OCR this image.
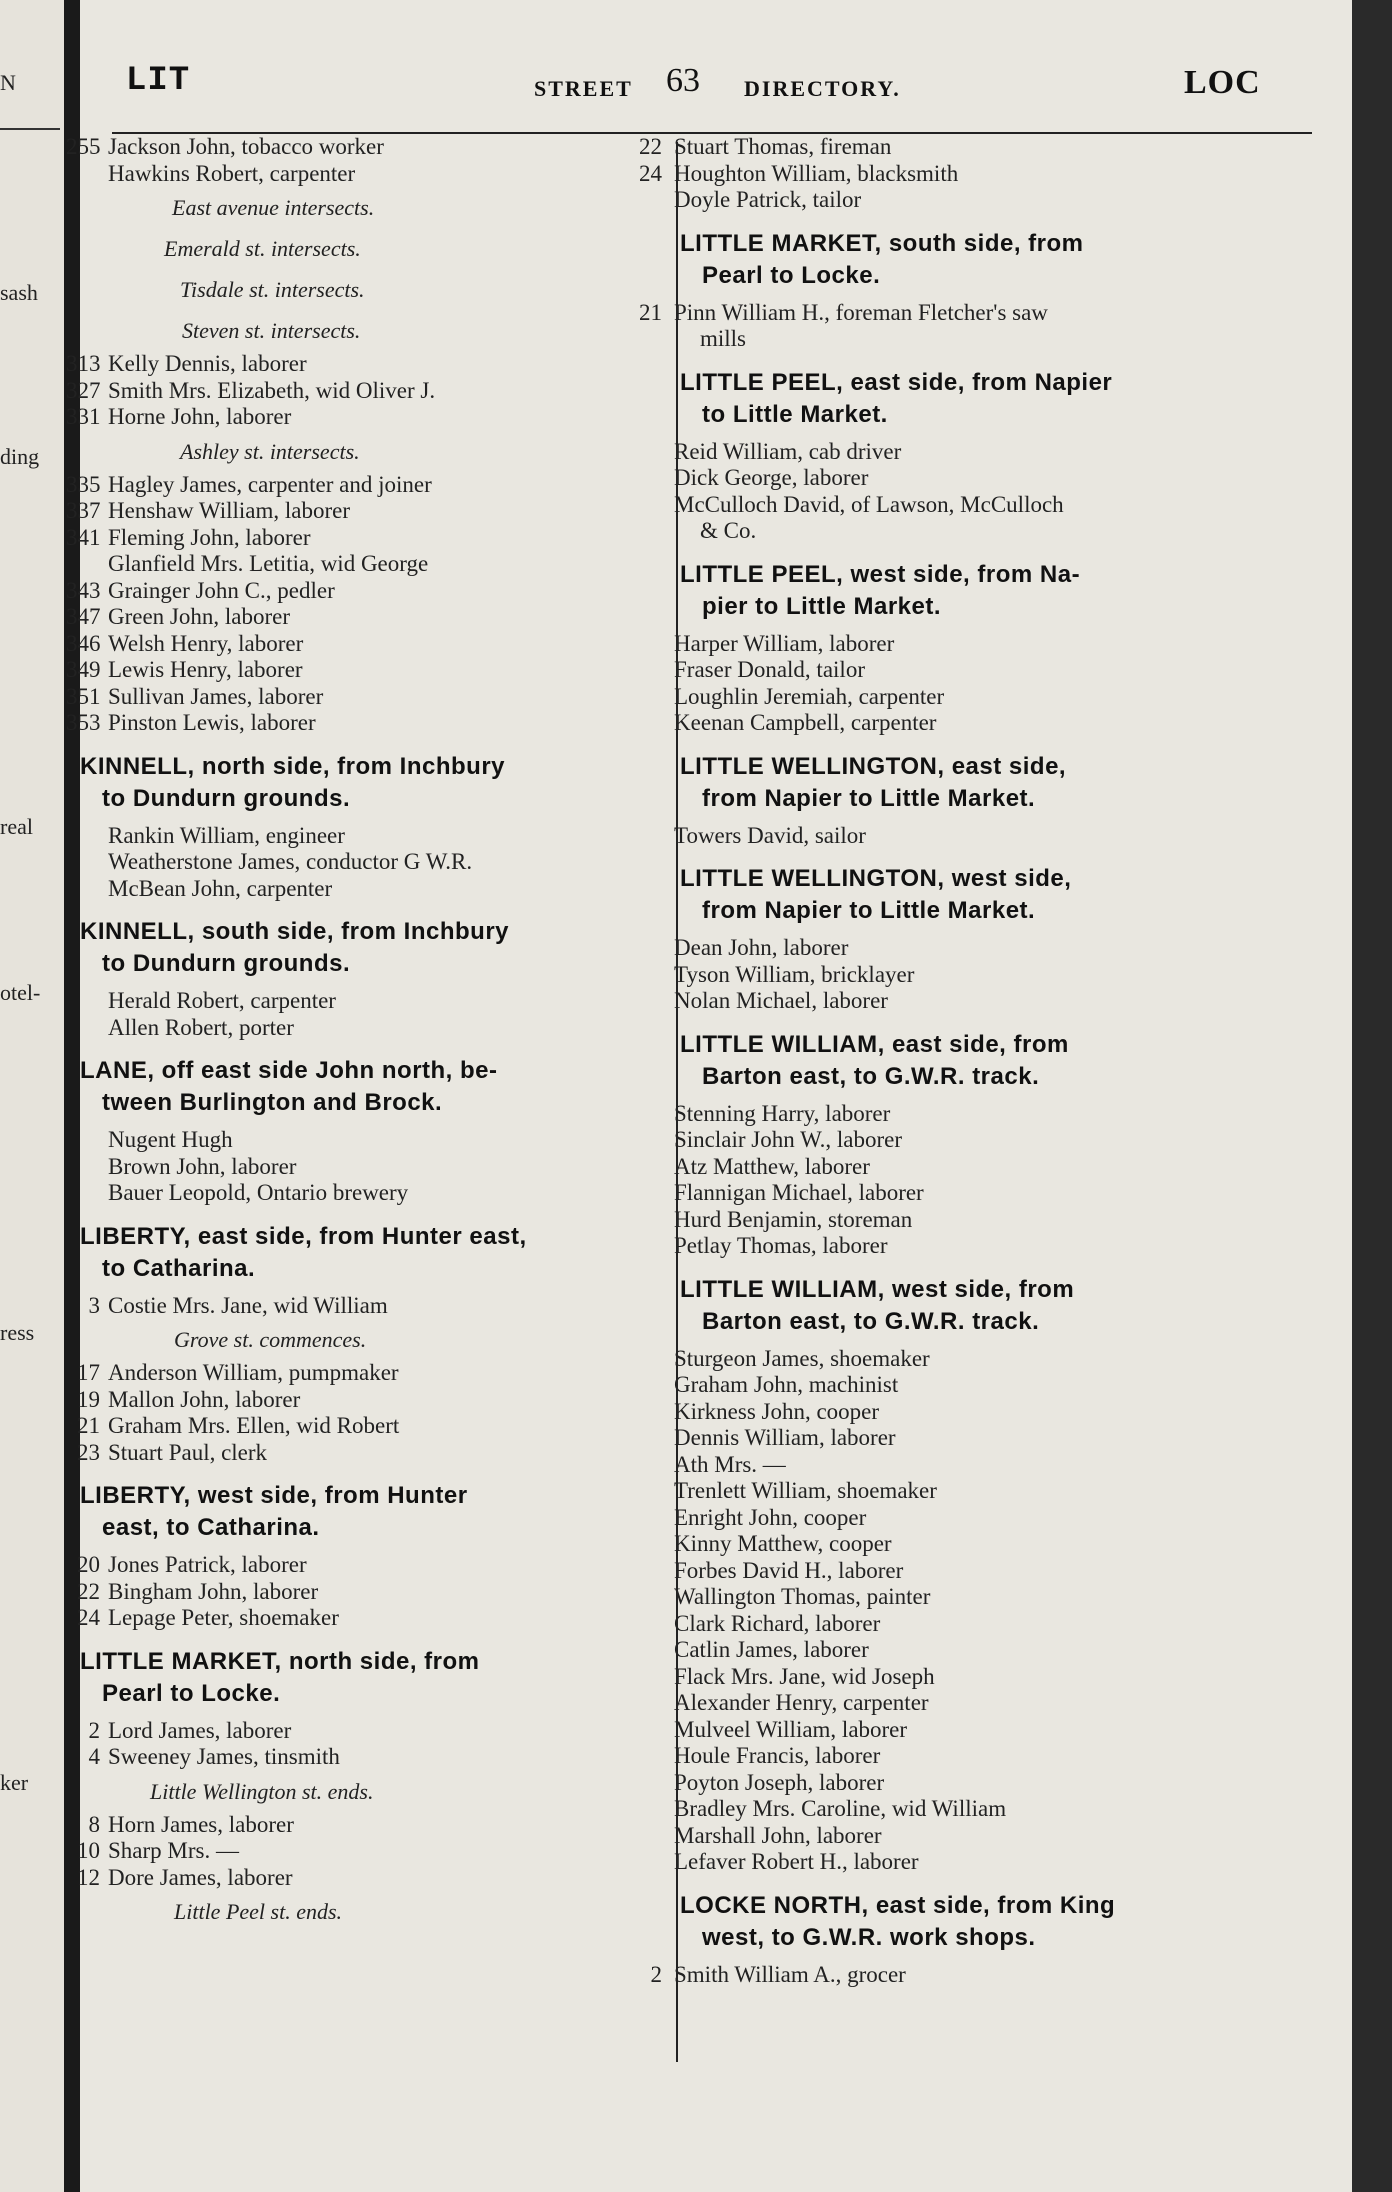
N
sash
ding
real
otel-
ress
ker
LIT	STREET 63 DIRECTORY.	LOC
255 Jackson John, tobacco worker
Hawkins Robert, carpenter
East avenue intersects.
Emerald st. intersects.
Tisdale st. intersects.
Steven st. intersects.
313 Kelly Dennis, laborer
327 Smith Mrs. Elizabeth, wid Oliver J.
331 Horne John, laborer
Ashley st. intersects.
335 Hagley James, carpenter and joiner
337 Henshaw William, laborer
341 Fleming John, laborer
Glanfield Mrs. Letitia, wid George
343 Grainger John C., pedler
347 Green John, laborer
346 Welsh Henry, laborer
349 Lewis Henry, laborer
351 Sullivan James, laborer
353 Pinston Lewis, laborer
KINNELL, north side, from Inchbury
to Dundurn grounds.
Rankin William, engineer
Weatherstone James, conductor G W.R.
McBean John, carpenter
KINNELL, south side, from Inchbury
to Dundurn grounds.
Herald Robert, carpenter
Allen Robert, porter
LANE, off east side John north, be-
tween Burlington and Brock.
Nugent Hugh
Brown John, laborer
Bauer Leopold, Ontario brewery
LIBERTY, east side, from Hunter east,
to Catharina.
3 Costie Mrs. Jane, wid William
Grove st. commences.
17 Anderson William, pumpmaker
19 Mallon John, laborer
21 Graham Mrs. Ellen, wid Robert
23 Stuart Paul, clerk
LIBERTY, west side, from Hunter
east, to Catharina.
20 Jones Patrick, laborer
22 Bingham John, laborer
24 Lepage Peter, shoemaker
LITTLE MARKET, north side, from
Pearl to Locke.
2 Lord James, laborer
4 Sweeney James, tinsmith
Little Wellington st. ends.
8 Horn James, laborer
10 Sharp Mrs. —
12 Dore James, laborer
Little Peel st. ends.
22 Stuart Thomas, fireman
24 Houghton William, blacksmith
Doyle Patrick, tailor
LITTLE MARKET, south side, from
Pearl to Locke.
21 Pinn William H., foreman Fletcher's saw
mills
LITTLE PEEL, east side, from Napier
to Little Market.
Reid William, cab driver
Dick George, laborer
McCulloch David, of Lawson, McCulloch
& Co.
LITTLE PEEL, west side, from Na-
pier to Little Market.
Harper William, laborer
Fraser Donald, tailor
Loughlin Jeremiah, carpenter
Keenan Campbell, carpenter
LITTLE WELLINGTON, east side,
from Napier to Little Market.
Towers David, sailor
LITTLE WELLINGTON, west side,
from Napier to Little Market.
Dean John, laborer
Tyson William, bricklayer
Nolan Michael, laborer
LITTLE WILLIAM, east side, from
Barton east, to G.W.R. track.
Stenning Harry, laborer
Sinclair John W., laborer
Atz Matthew, laborer
Flannigan Michael, laborer
Hurd Benjamin, storeman
Petlay Thomas, laborer
LITTLE WILLIAM, west side, from
Barton east, to G.W.R. track.
Sturgeon James, shoemaker
Graham John, machinist
Kirkness John, cooper
Dennis William, laborer
Ath Mrs. —
Trenlett William, shoemaker
Enright John, cooper
Kinny Matthew, cooper
Forbes David H., laborer
Wallington Thomas, painter
Clark Richard, laborer
Catlin James, laborer
Flack Mrs. Jane, wid Joseph
Alexander Henry, carpenter
Mulveel William, laborer
Houle Francis, laborer
Poyton Joseph, laborer
Bradley Mrs. Caroline, wid William
Marshall John, laborer
Lefaver Robert H., laborer
LOCKE NORTH, east side, from King
west, to G.W.R. work shops.
2 Smith William A., grocer
